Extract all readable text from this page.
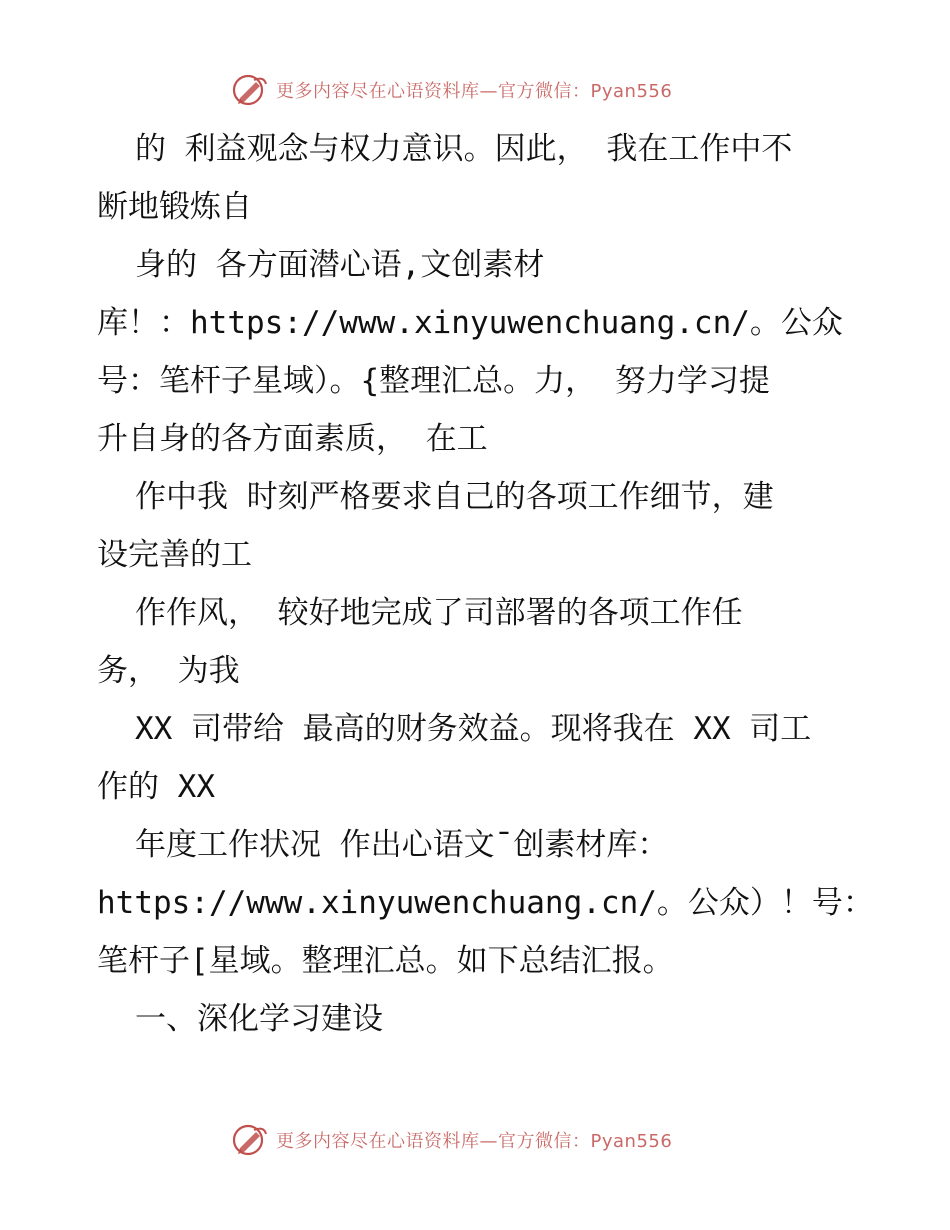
更多内容尽在心语资料库—官方微信：Pyan556
的 利益观念与权力意识。因此， 我在工作中不
断地锻炼自
身的 各方面潜心语,文创素材
库！：https://www.xinyuwenchuang.cn/。公众
号：笔杆子星域）。{整理汇总。力， 努力学习提
升自身的各方面素质， 在工
作中我 时刻严格要求自己的各项工作细节，建
设完善的工
作作风， 较好地完成了司部署的各项工作任
务， 为我
XX 司带给 最高的财务效益。现将我在 XX 司工
作的 XX
年度工作状况 作出心语文¯创素材库：
https://www.xinyuwenchuang.cn/。公众）！号：
笔杆子[星域。整理汇总。如下总结汇报。
一、深化学习建设
更多内容尽在心语资料库—官方微信：Pyan556
